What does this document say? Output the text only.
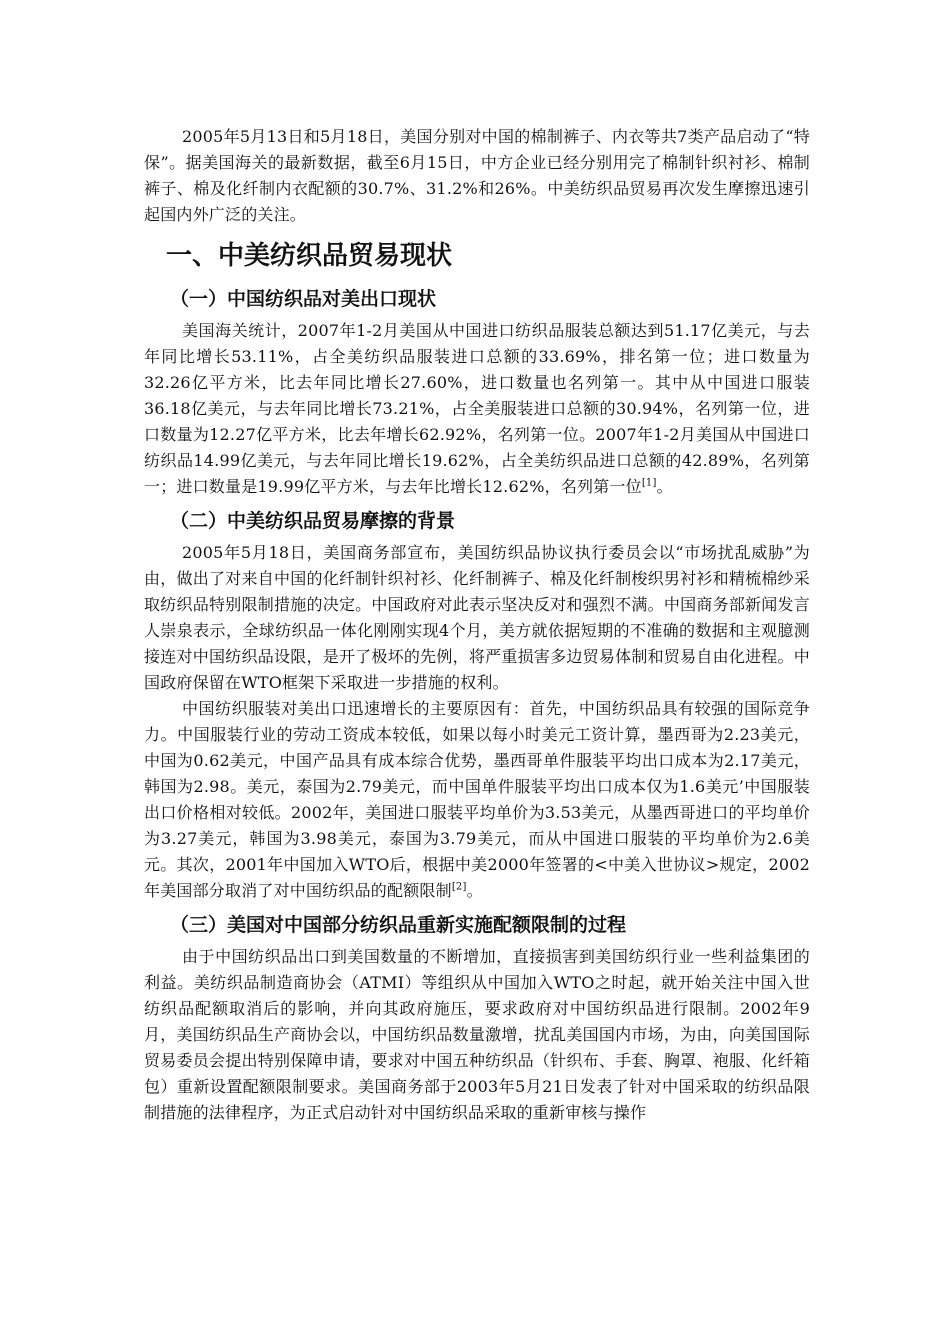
2005年5月13日和5月18日，美国分别对中国的棉制裤子、内衣等共7类产品启动了“特保”。据美国海关的最新数据，截至6月15日，中方企业已经分别用完了棉制针织衬衫、棉制裤子、棉及化纤制内衣配额的30.7%、31.2%和26%。中美纺织品贸易再次发生摩擦迅速引起国内外广泛的关注。

一、中美纺织品贸易现状
（一）中国纺织品对美出口现状

美国海关统计，2007年1-2月美国从中国进口纺织品服装总额达到51.17亿美元，与去年同比增长53.11%，占全美纺织品服装进口总额的33.69%，排名第一位；进口数量为32.26亿平方米，比去年同比增长27.60%，进口数量也名列第一。其中从中国进口服装36.18亿美元，与去年同比增长73.21%，占全美服装进口总额的30.94%，名列第一位，进口数量为12.27亿平方米，比去年增长62.92%，名列第一位。2007年1-2月美国从中国进口纺织品14.99亿美元，与去年同比增长19.62%，占全美纺织品进口总额的42.89%，名列第一；进口数量是19.99亿平方米，与去年比增长12.62%，名列第一位[1]。

（二）中美纺织品贸易摩擦的背景

2005年5月18日，美国商务部宣布，美国纺织品协议执行委员会以“市场扰乱威胁”为由，做出了对来自中国的化纤制针织衬衫、化纤制裤子、棉及化纤制梭织男衬衫和精梳棉纱采取纺织品特别限制措施的决定。中国政府对此表示坚决反对和强烈不满。中国商务部新闻发言人崇泉表示，全球纺织品一体化刚刚实现4个月，美方就依据短期的不准确的数据和主观臆测接连对中国纺织品设限，是开了极坏的先例，将严重损害多边贸易体制和贸易自由化进程。中国政府保留在WTO框架下采取进一步措施的权利。

中国纺织服装对美出口迅速增长的主要原因有：首先，中国纺织品具有较强的国际竞争力。中国服装行业的劳动工资成本较低，如果以每小时美元工资计算，墨西哥为2.23美元，中国为0.62美元，中国产品具有成本综合优势，墨西哥单件服装平均出口成本为2.17美元，韩国为2.98。美元，泰国为2.79美元，而中国单件服装平均出口成本仅为1.6美元’中国服装出口价格相对较低。2002年，美国进口服装平均单价为3.53美元，从墨西哥进口的平均单价为3.27美元，韩国为3.98美元，泰国为3.79美元，而从中国进口服装的平均单价为2.6美元。其次，2001年中国加入WTO后，根据中美2000年签署的<中美入世协议>规定，2002年美国部分取消了对中国纺织品的配额限制[2]。

（三）美国对中国部分纺织品重新实施配额限制的过程

由于中国纺织品出口到美国数量的不断增加，直接损害到美国纺织行业一些利益集团的利益。美纺织品制造商协会（ATMI）等组织从中国加入WTO之时起，就开始关注中国入世纺织品配额取消后的影响，并向其政府施压，要求政府对中国纺织品进行限制。2002年9月，美国纺织品生产商协会以，中国纺织品数量激增，扰乱美国国内市场，为由，向美国国际贸易委员会提出特别保障申请，要求对中国五种纺织品（针织布、手套、胸罩、袍服、化纤箱包）重新设置配额限制要求。美国商务部于2003年5月21日发表了针对中国采取的纺织品限制措施的法律程序，为正式启动针对中国纺织品采取的重新审核与操作
